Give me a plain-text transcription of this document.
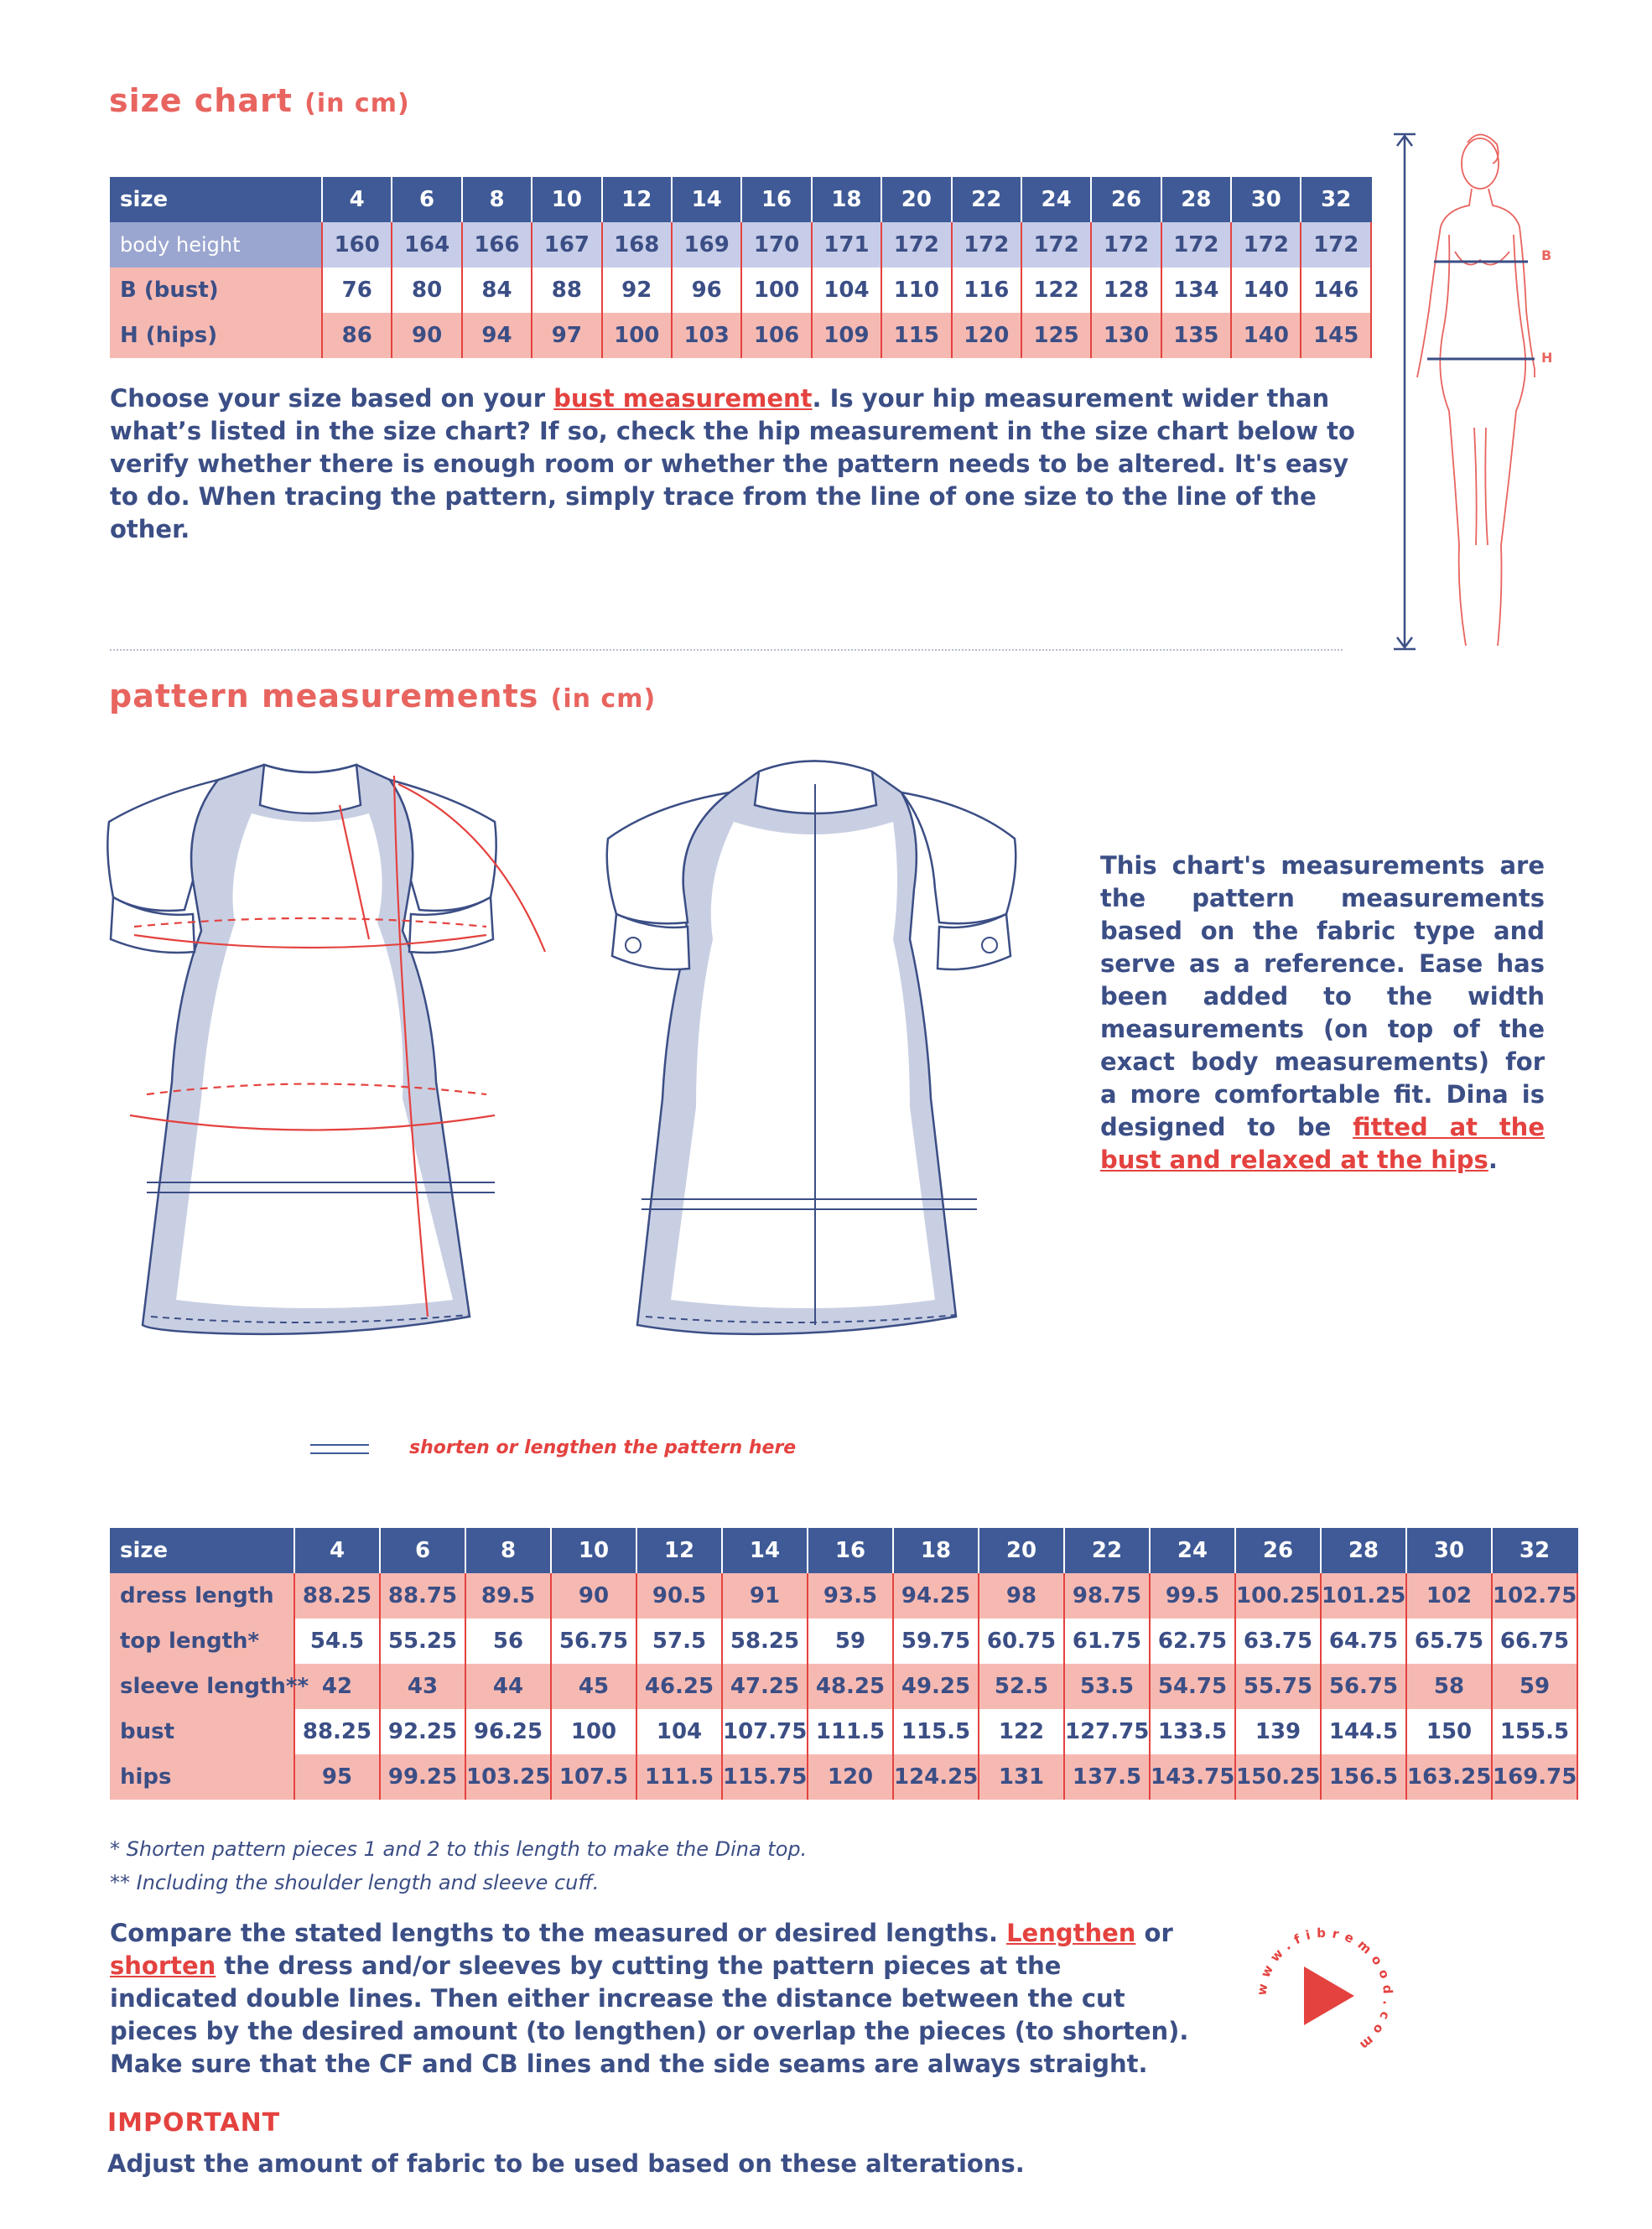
size chart (in cm)
size	4	6	8	10	12	14	16	18	20	22	24	26	28	30	32
body height	160	164	166	167	168	169	170	171	172	172	172	172	172	172	172
B (bust)	76	80	84	88	92	96	100	104	110	116	122	128	134	140	146
H (hips)	86	90	94	97	100	103	106	109	115	120	125	130	135	140	145
Choose your size based on your bust measurement. Is your hip measurement wider than what’s listed in the size chart? If so, check the hip measurement in the size chart below to verify whether there is enough room or whether the pattern needs to be altered. It's easy to do. When tracing the pattern, simply trace from the line of one size to the line of the other.
B
H
pattern measurements (in cm)
This chart's measurements are the pattern measurements based on the fabric type and serve as a reference. Ease has been added to the width measurements (on top of the exact body measurements) for a more comfortable fit. Dina is designed to be fitted at the bust and relaxed at the hips.
shorten or lengthen the pattern here
size	4	6	8	10	12	14	16	18	20	22	24	26	28	30	32
dress length	88.25	88.75	89.5	90	90.5	91	93.5	94.25	98	98.75	99.5	100.25	101.25	102	102.75
top length*	54.5	55.25	56	56.75	57.5	58.25	59	59.75	60.75	61.75	62.75	63.75	64.75	65.75	66.75
sleeve length**	42	43	44	45	46.25	47.25	48.25	49.25	52.5	53.5	54.75	55.75	56.75	58	59
bust	88.25	92.25	96.25	100	104	107.75	111.5	115.5	122	127.75	133.5	139	144.5	150	155.5
hips	95	99.25	103.25	107.5	111.5	115.75	120	124.25	131	137.5	143.75	150.25	156.5	163.25	169.75
* Shorten pattern pieces 1 and 2 to this length to make the Dina top.
** Including the shoulder length and sleeve cuff.
Compare the stated lengths to the measured or desired lengths. Lengthen or shorten the dress and/or sleeves by cutting the pattern pieces at the indicated double lines. Then either increase the distance between the cut pieces by the desired amount (to lengthen) or overlap the pieces (to shorten). Make sure that the CF and CB lines and the side seams are always straight.
www.fibremood.com
IMPORTANT
Adjust the amount of fabric to be used based on these alterations.
